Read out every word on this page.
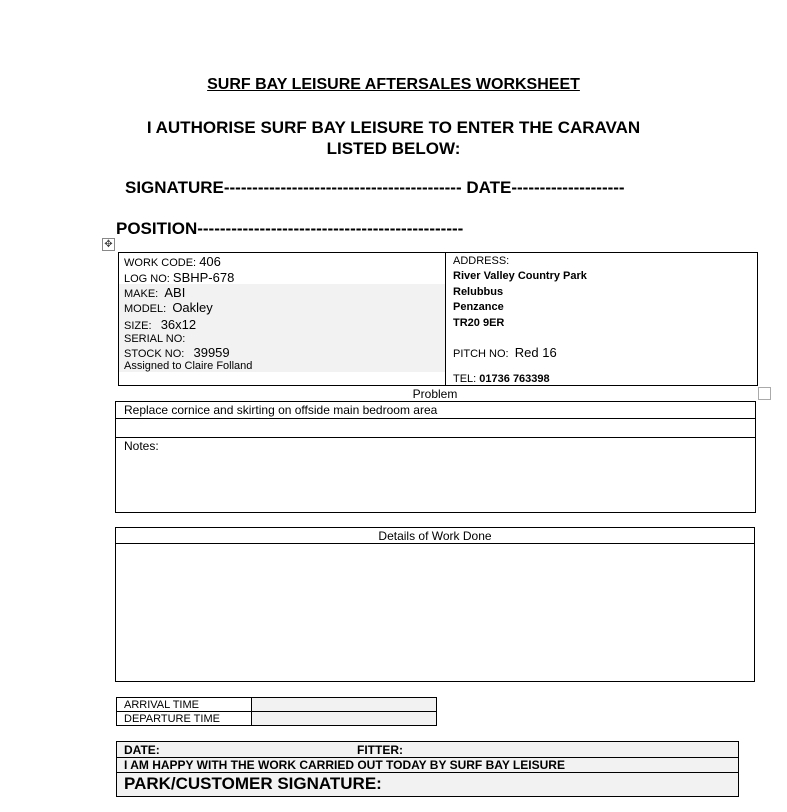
SURF BAY LEISURE AFTERSALES WORKSHEET
I AUTHORISE SURF BAY LEISURE TO ENTER THE CARAVAN
LISTED BELOW:
SIGNATURE------------------------------------------ DATE--------------------
POSITION-----------------------------------------------
✥
WORK CODE: 406
LOG NO: SBHP-678
MAKE: ABI
MODEL: Oakley
SIZE: 36x12
SERIAL NO:
STOCK NO: 39959
Assigned to Claire Folland
ADDRESS:
River Valley Country Park
Relubbus
Penzance
TR20 9ER
PITCH NO: Red 16
TEL: 01736 763398
Problem
Replace cornice and skirting on offside main bedroom area
Notes:
Details of Work Done
ARRIVAL TIME
DEPARTURE TIME
DATE:	FITTER:
I AM HAPPY WITH THE WORK CARRIED OUT TODAY BY SURF BAY LEISURE
PARK/CUSTOMER SIGNATURE:
